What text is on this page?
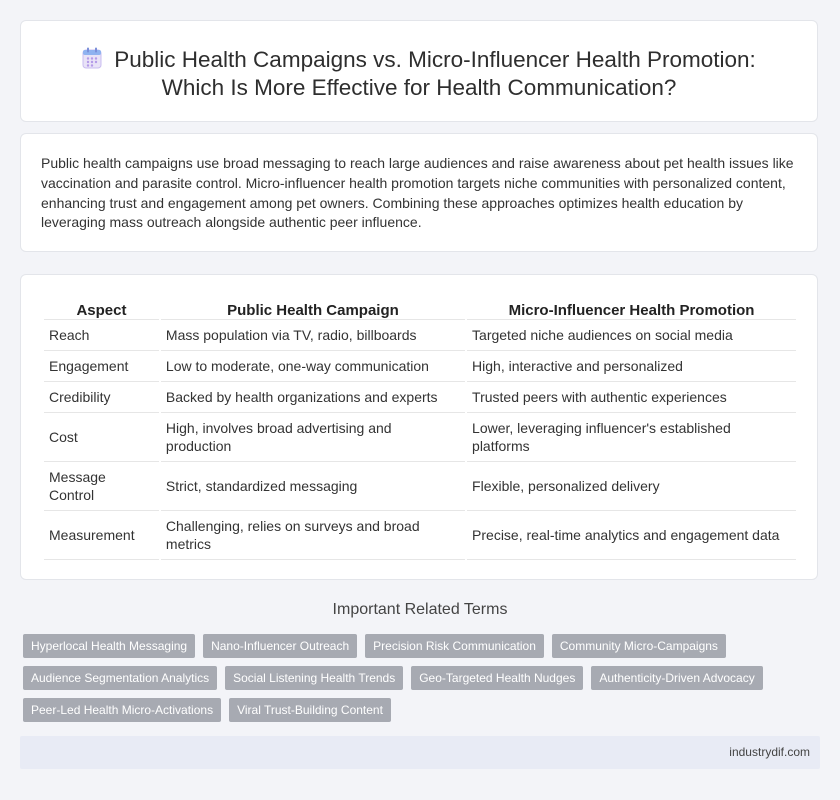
Public Health Campaigns vs. Micro-Influencer Health Promotion:
Which Is More Effective for Health Communication?
Public health campaigns use broad messaging to reach large audiences and raise awareness about pet health issues like vaccination and parasite control. Micro-influencer health promotion targets niche communities with personalized content, enhancing trust and engagement among pet owners. Combining these approaches optimizes health education by leveraging mass outreach alongside authentic peer influence.
Aspect	Public Health Campaign	Micro-Influencer Health Promotion
Reach	Mass population via TV, radio, billboards	Targeted niche audiences on social media
Engagement	Low to moderate, one-way communication	High, interactive and personalized
Credibility	Backed by health organizations and experts	Trusted peers with authentic experiences
Cost	High, involves broad advertising and production	Lower, leveraging influencer's established platforms
Message Control	Strict, standardized messaging	Flexible, personalized delivery
Measurement	Challenging, relies on surveys and broad metrics	Precise, real-time analytics and engagement data
Important Related Terms
Hyperlocal Health Messaging	Nano-Influencer Outreach	Precision Risk Communication	Community Micro-Campaigns
Audience Segmentation Analytics	Social Listening Health Trends	Geo-Targeted Health Nudges	Authenticity-Driven Advocacy
Peer-Led Health Micro-Activations	Viral Trust-Building Content
industrydif.com
